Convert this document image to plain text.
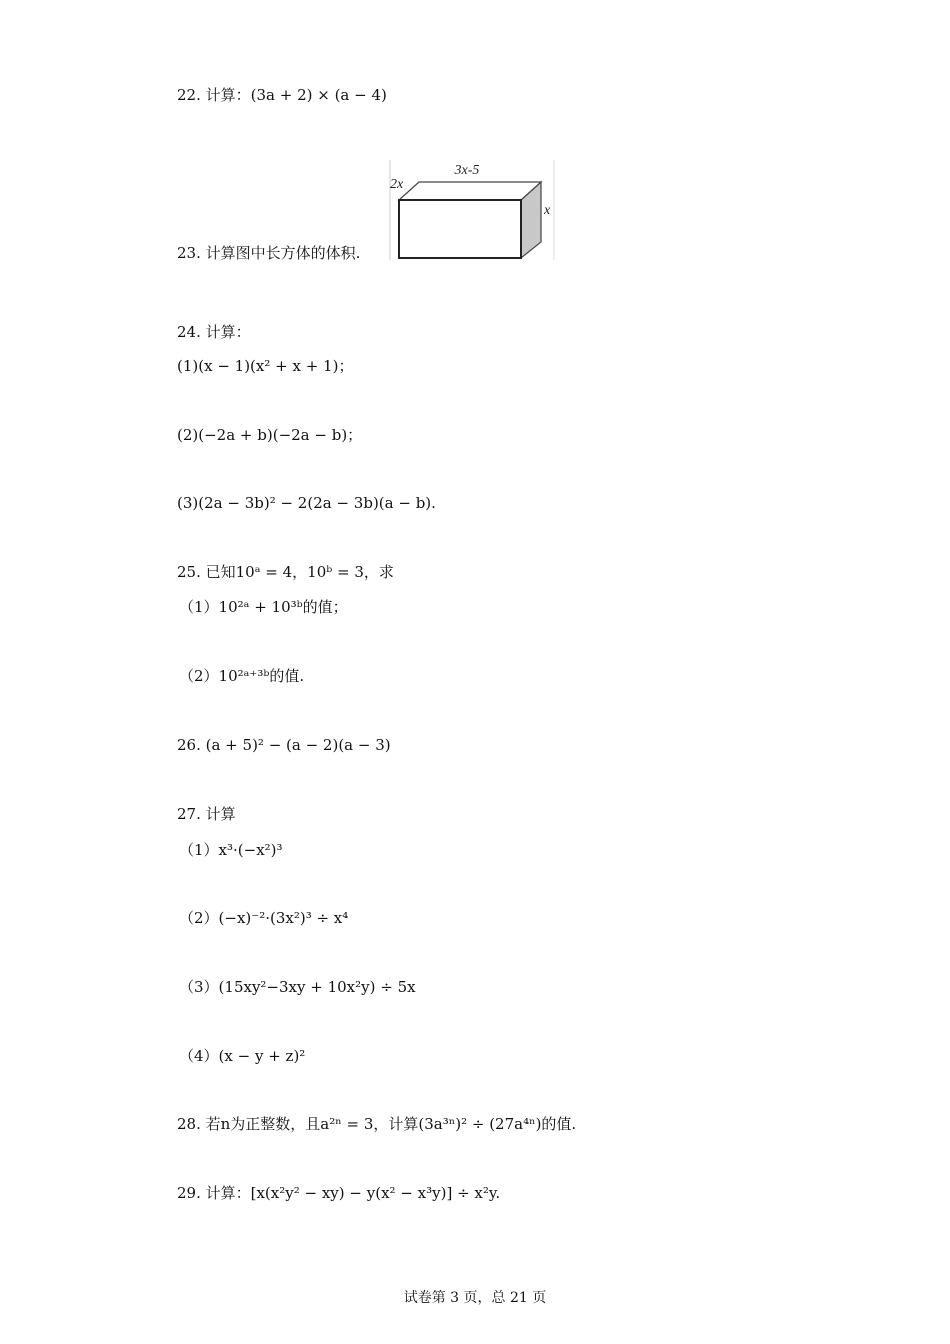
22. 计算：(3a + 2) × (a − 4)
23. 计算图中长方体的体积.
3x-5
2x
x
24. 计算：
(1)(x − 1)(x² + x + 1)；
(2)(−2a + b)(−2a − b)；
(3)(2a − 3b)² − 2(2a − 3b)(a − b).
25. 已知10ᵃ = 4，10ᵇ = 3，求
（1）10²ᵃ + 10³ᵇ的值；
（2）10²ᵃ⁺³ᵇ的值.
26. (a + 5)² − (a − 2)(a − 3)
27. 计算
（1）x³·(−x²)³
（2）(−x)⁻²·(3x²)³ ÷ x⁴
（3）(15xy²−3xy + 10x²y) ÷ 5x
（4）(x − y + z)²
28. 若n为正整数，且a²ⁿ = 3，计算(3a³ⁿ)² ÷ (27a⁴ⁿ)的值.
29. 计算：[x(x²y² − xy) − y(x² − x³y)] ÷ x²y.
试卷第 3 页，总 21 页
